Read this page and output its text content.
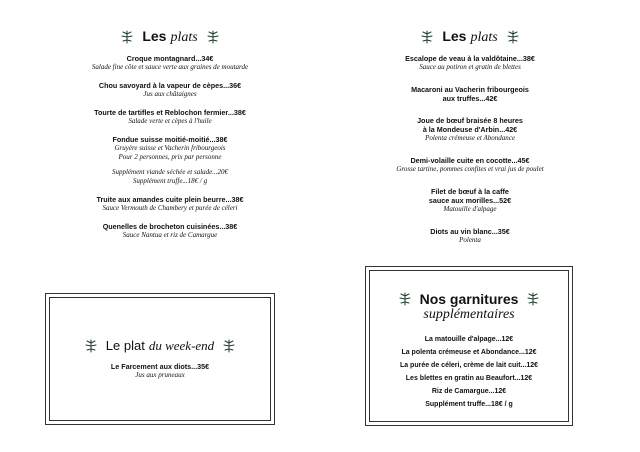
Les plats
Croque montagnard...34€
Salade fine côte et sauce verte aux graines de moutarde
Chou savoyard à la vapeur de cèpes...36€
Jus aux châtaignes
Tourte de tartifles et Reblochon fermier...38€
Salade verte et cèpes à l'huile
Fondue suisse moitié-moitié...38€
Gruyère suisse et Vacherin fribourgeois
Pour 2 personnes, prix par personne
Supplément viande séchée et salade...20€
Supplément truffe...18€ / g
Truite aux amandes cuite plein beurre...38€
Sauce Vermouth de Chambery et purée de céleri
Quenelles de brocheton cuisinées...38€
Sauce Nantua et riz de Camargue
Le plat du week-end
Le Farcement aux diots...35€
Jus aux pruneaux
Les plats
Escalope de veau à la valdôtaine...38€
Sauce au potiron et gratin de blettes
Macaroni au Vacherin fribourgeois
aux truffes...42€
Joue de bœuf braisée 8 heures
à la Mondeuse d'Arbin...42€
Polenta crémeuse et Abondance
Demi-volaille cuite en cocotte...45€
Grosse tartine, pommes confites et vrai jus de poulet
Filet de bœuf à la caffe
sauce aux morilles...52€
Matouille d'alpage
Diots au vin blanc...35€
Polenta
Nos garnitures
supplémentaires
La matouille d'alpage...12€
La polenta crémeuse et Abondance...12€
La purée de céleri, crème de lait cuit...12€
Les blettes en gratin au Beaufort...12€
Riz de Camargue...12€
Supplément truffe...18€ / g
